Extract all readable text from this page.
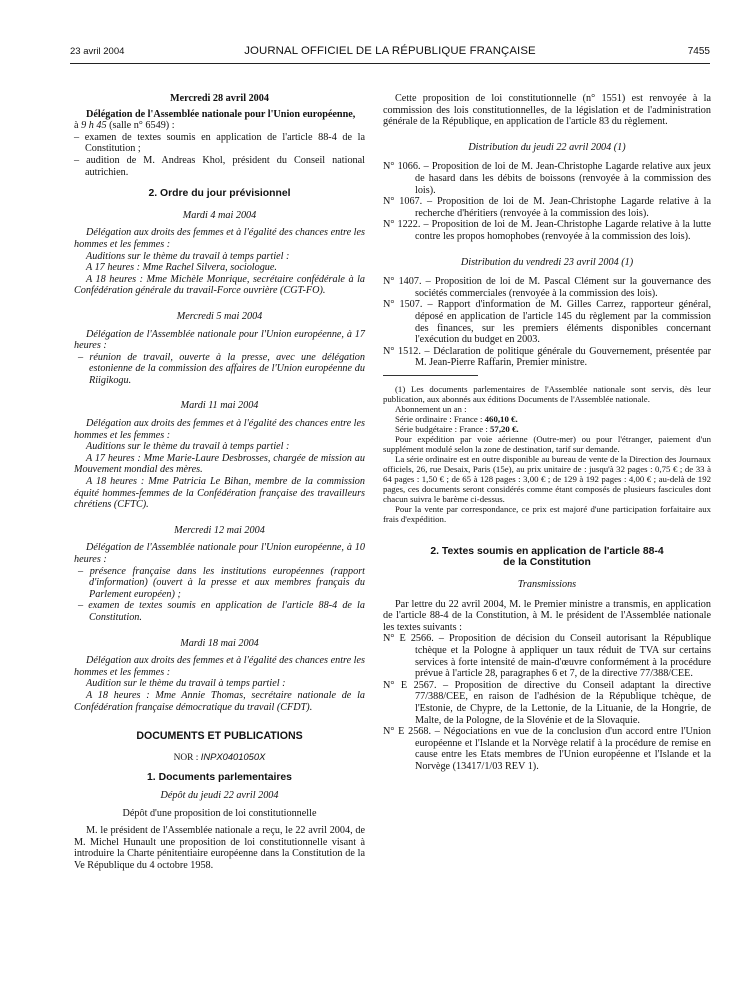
23 avril 2004	JOURNAL OFFICIEL DE LA RÉPUBLIQUE FRANÇAISE	7455

Mercredi 28 avril 2004

Délégation de l'Assemblée nationale pour l'Union européenne,

à 9 h 45 (salle n° 6549) :

– examen de textes soumis en application de l'article 88-4 de la Constitution ;

– audition de M. Andreas Khol, président du Conseil national autrichien.

2. Ordre du jour prévisionnel

Mardi 4 mai 2004

Délégation aux droits des femmes et à l'égalité des chances entre les hommes et les femmes :

Auditions sur le thème du travail à temps partiel :

A 17 heures : Mme Rachel Silvera, sociologue.

A 18 heures : Mme Michèle Monrique, secrétaire confédérale à la Confédération générale du travail-Force ouvrière (CGT-FO).

Mercredi 5 mai 2004

Délégation de l'Assemblée nationale pour l'Union européenne, à 17 heures :

– réunion de travail, ouverte à la presse, avec une délégation estonienne de la commission des affaires de l'Union européenne du Riigikogu.

Mardi 11 mai 2004

Délégation aux droits des femmes et à l'égalité des chances entre les hommes et les femmes :

Auditions sur le thème du travail à temps partiel :

A 17 heures : Mme Marie-Laure Desbrosses, chargée de mission au Mouvement mondial des mères.

A 18 heures : Mme Patricia Le Bihan, membre de la commission équité hommes-femmes de la Confédération française des travailleurs chrétiens (CFTC).

Mercredi 12 mai 2004

Délégation de l'Assemblée nationale pour l'Union européenne, à 10 heures :

– présence française dans les institutions européennes (rapport d'information) (ouvert à la presse et aux membres français du Parlement européen) ;

– examen de textes soumis en application de l'article 88-4 de la Constitution.

Mardi 18 mai 2004

Délégation aux droits des femmes et à l'égalité des chances entre les hommes et les femmes :

Audition sur le thème du travail à temps partiel :

A 18 heures : Mme Annie Thomas, secrétaire nationale de la Confédération française démocratique du travail (CFDT).

DOCUMENTS ET PUBLICATIONS

NOR : INPX0401050X

1. Documents parlementaires

Dépôt du jeudi 22 avril 2004

Dépôt d'une proposition de loi constitutionnelle

M. le président de l'Assemblée nationale a reçu, le 22 avril 2004, de M. Michel Hunault une proposition de loi constitutionnelle visant à introduire la Charte pénitentiaire européenne dans la Constitution de la Ve République du 4 octobre 1958.

Cette proposition de loi constitutionnelle (n° 1551) est renvoyée à la commission des lois constitutionnelles, de la législation et de l'administration générale de la République, en application de l'article 83 du règlement.

Distribution du jeudi 22 avril 2004 (1)

N° 1066. – Proposition de loi de M. Jean-Christophe Lagarde relative aux jeux de hasard dans les débits de boissons (renvoyée à la commission des lois).

N° 1067. – Proposition de loi de M. Jean-Christophe Lagarde relative à la recherche d'héritiers (renvoyée à la commission des lois).

N° 1222. – Proposition de loi de M. Jean-Christophe Lagarde relative à la lutte contre les propos homophobes (renvoyée à la commission des lois).

Distribution du vendredi 23 avril 2004 (1)

N° 1407. – Proposition de loi de M. Pascal Clément sur la gouvernance des sociétés commerciales (renvoyée à la commission des lois).

N° 1507. – Rapport d'information de M. Gilles Carrez, rapporteur général, déposé en application de l'article 145 du règlement par la commission des finances, sur les premiers éléments disponibles concernant l'exécution du budget en 2003.

N° 1512. – Déclaration de politique générale du Gouvernement, présentée par M. Jean-Pierre Raffarin, Premier ministre.

(1) Les documents parlementaires de l'Assemblée nationale sont servis, dès leur publication, aux abonnés aux éditions Documents de l'Assemblée nationale.

Abonnement un an :

Série ordinaire : France : 460,10 €.

Série budgétaire : France : 57,20 €.

Pour expédition par voie aérienne (Outre-mer) ou pour l'étranger, paiement d'un supplément modulé selon la zone de destination, tarif sur demande.

La série ordinaire est en outre disponible au bureau de vente de la Direction des Journaux officiels, 26, rue Desaix, Paris (15e), au prix unitaire de : jusqu'à 32 pages : 0,75 € ; de 33 à 64 pages : 1,50 € ; de 65 à 128 pages : 3,00 € ; de 129 à 192 pages : 4,00 € ; au-delà de 192 pages, ces documents seront considérés comme étant composés de plusieurs fascicules dont chacun suivra le barème ci-dessus.

Pour la vente par correspondance, ce prix est majoré d'une participation forfaitaire aux frais d'expédition.

2. Textes soumis en application de l'article 88-4

de la Constitution

Transmissions

Par lettre du 22 avril 2004, M. le Premier ministre a transmis, en application de l'article 88-4 de la Constitution, à M. le président de l'Assemblée nationale les textes suivants :

N° E 2566. – Proposition de décision du Conseil autorisant la République tchèque et la Pologne à appliquer un taux réduit de TVA sur certains services à forte intensité de main-d'œuvre conformément à la procédure prévue à l'article 28, paragraphes 6 et 7, de la directive 77/388/CEE.

N° E 2567. – Proposition de directive du Conseil adaptant la directive 77/388/CEE, en raison de l'adhésion de la République tchèque, de l'Estonie, de Chypre, de la Lettonie, de la Lituanie, de la Hongrie, de Malte, de la Pologne, de la Slovénie et de la Slovaquie.

N° E 2568. – Négociations en vue de la conclusion d'un accord entre l'Union européenne et l'Islande et la Norvège relatif à la procédure de remise en cause entre les Etats membres de l'Union européenne et l'Islande et la Norvège (13417/1/03 REV 1).
